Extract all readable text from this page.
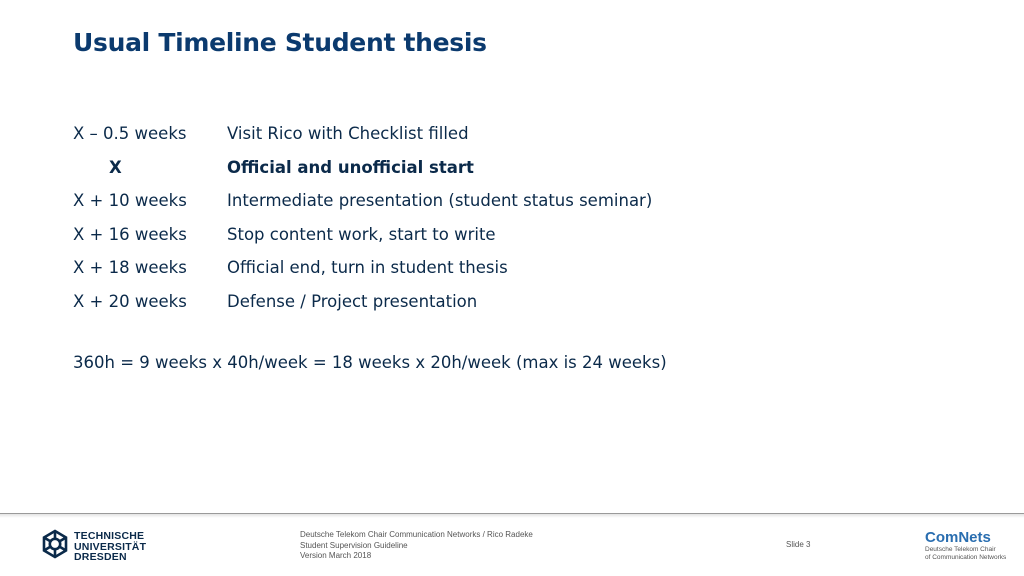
Usual Timeline Student thesis
X – 0.5 weeks	Visit Rico with Checklist filled
X	Official and unofficial start
X + 10 weeks	Intermediate presentation (student status seminar)
X + 16 weeks	Stop content work, start to write
X + 18 weeks	Official end, turn in student thesis
X + 20 weeks	Defense / Project presentation
360h = 9 weeks x 40h/week = 18 weeks x 20h/week (max is 24 weeks)
TECHNISCHE
UNIVERSITÄT
DRESDEN
Deutsche Telekom Chair Communication Networks / Rico Radeke
Student Supervision Guideline
Version March 2018
Slide 3	ComNets
Deutsche Telekom Chair
of Communication Networks
